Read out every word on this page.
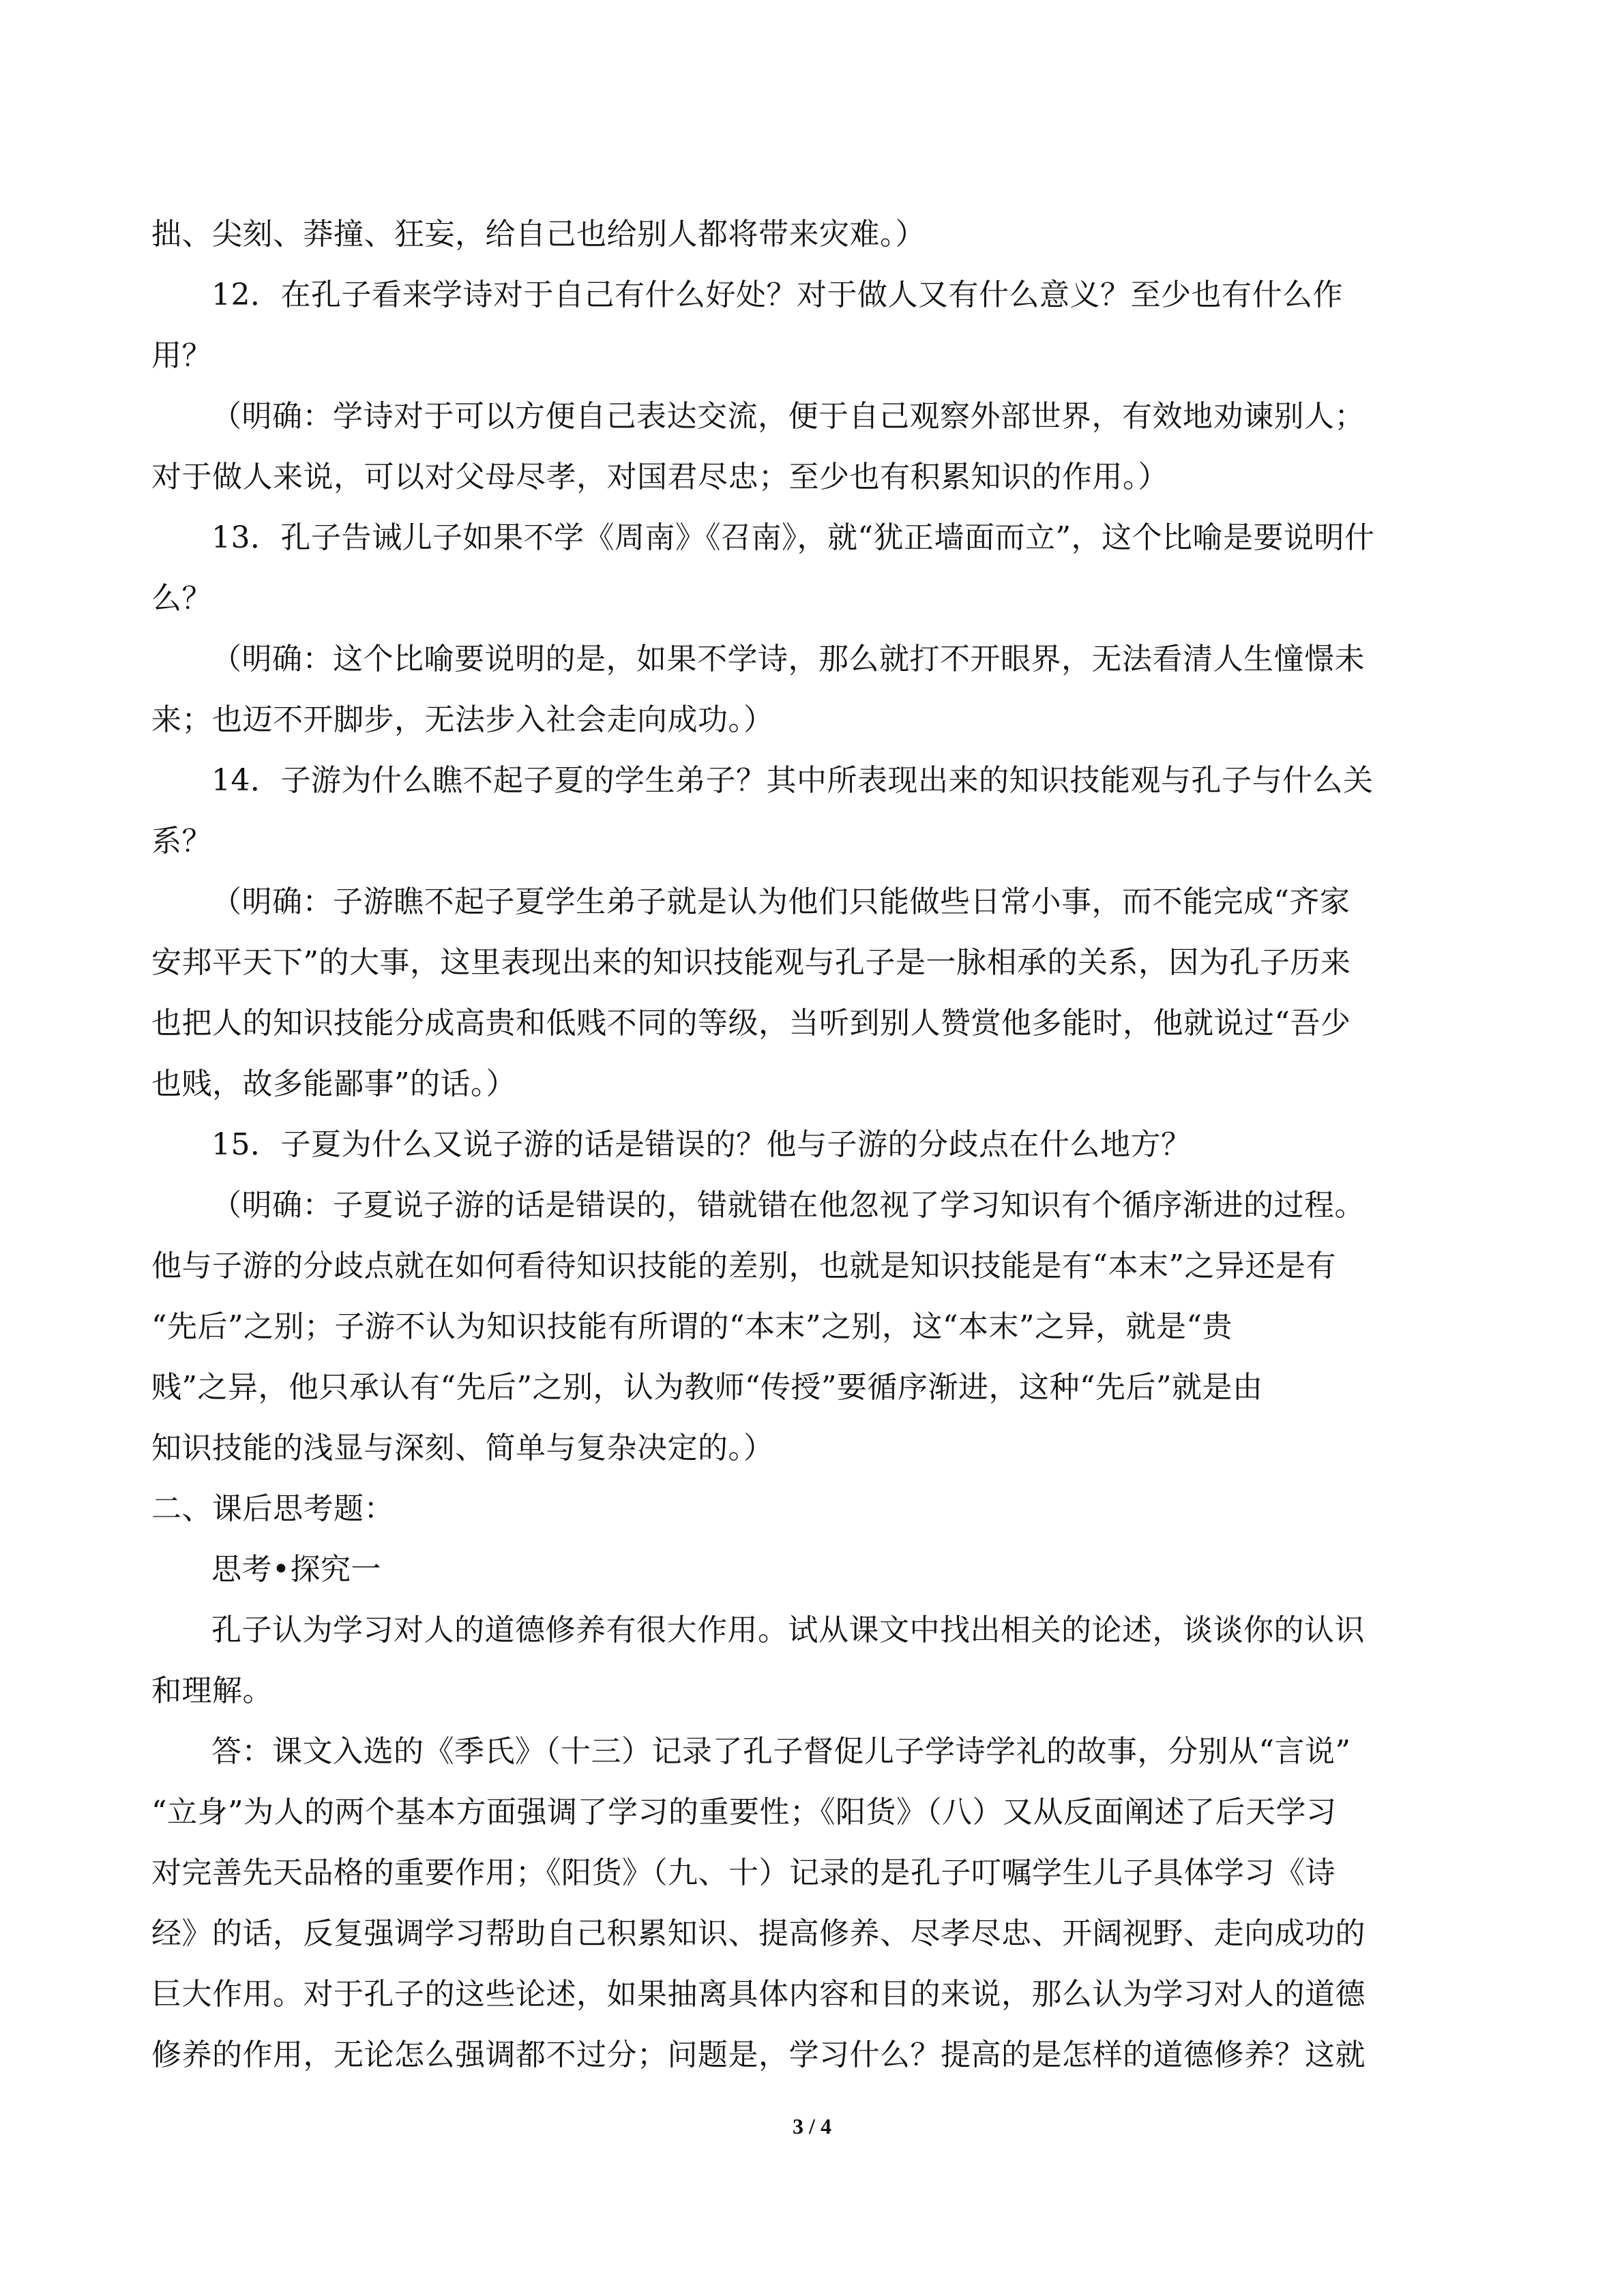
拙、尖刻、莽撞、狂妄，给自己也给别人都将带来灾难。）
12．在孔子看来学诗对于自己有什么好处？对于做人又有什么意义？至少也有什么作
用？
（明确：学诗对于可以方便自己表达交流，便于自己观察外部世界，有效地劝谏别人；
对于做人来说，可以对父母尽孝，对国君尽忠；至少也有积累知识的作用。）
13．孔子告诫儿子如果不学《周南》《召南》，就“犹正墙面而立”，这个比喻是要说明什
么？
（明确：这个比喻要说明的是，如果不学诗，那么就打不开眼界，无法看清人生憧憬未
来；也迈不开脚步，无法步入社会走向成功。）
14．子游为什么瞧不起子夏的学生弟子？其中所表现出来的知识技能观与孔子与什么关
系？
（明确：子游瞧不起子夏学生弟子就是认为他们只能做些日常小事，而不能完成“齐家
安邦平天下”的大事，这里表现出来的知识技能观与孔子是一脉相承的关系，因为孔子历来
也把人的知识技能分成高贵和低贱不同的等级，当听到别人赞赏他多能时，他就说过“吾少
也贱，故多能鄙事”的话。）
15．子夏为什么又说子游的话是错误的？他与子游的分歧点在什么地方？
（明确：子夏说子游的话是错误的，错就错在他忽视了学习知识有个循序渐进的过程。
他与子游的分歧点就在如何看待知识技能的差别，也就是知识技能是有“本末”之异还是有
“先后”之别；子游不认为知识技能有所谓的“本末”之别，这“本末”之异，就是“贵
贱”之异，他只承认有“先后”之别，认为教师“传授”要循序渐进，这种“先后”就是由
知识技能的浅显与深刻、简单与复杂决定的。）
二、课后思考题：
思考•探究一
孔子认为学习对人的道德修养有很大作用。试从课文中找出相关的论述，谈谈你的认识
和理解。
答：课文入选的《季氏》（十三）记录了孔子督促儿子学诗学礼的故事，分别从“言说”
“立身”为人的两个基本方面强调了学习的重要性；《阳货》（八）又从反面阐述了后天学习
对完善先天品格的重要作用；《阳货》（九、十）记录的是孔子叮嘱学生儿子具体学习《诗
经》的话，反复强调学习帮助自己积累知识、提高修养、尽孝尽忠、开阔视野、走向成功的
巨大作用。对于孔子的这些论述，如果抽离具体内容和目的来说，那么认为学习对人的道德
修养的作用，无论怎么强调都不过分；问题是，学习什么？提高的是怎样的道德修养？这就
3 / 4
